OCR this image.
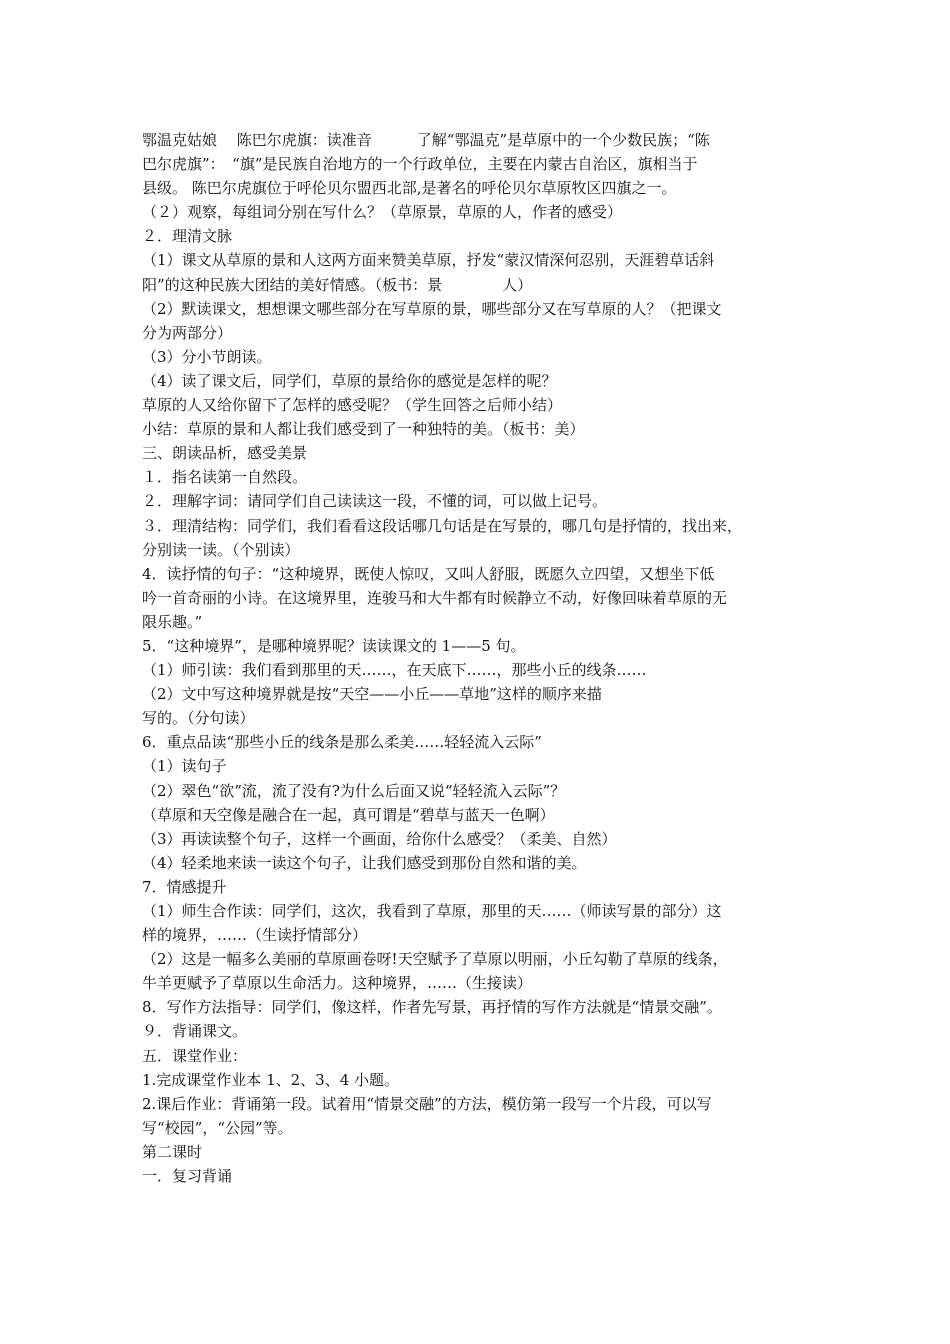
鄂温克姑娘　 陈巴尔虎旗：读准音　　　了解“鄂温克”是草原中的一个少数民族；“陈

巴尔虎旗”：　“旗”是民族自治地方的一个行政单位，主要在内蒙古自治区，旗相当于

县级。 陈巴尔虎旗位于呼伦贝尔盟西北部,是著名的呼伦贝尔草原牧区四旗之一。

（２）观察，每组词分别在写什么？（草原景，草原的人，作者的感受）

２．理清文脉

（1）课文从草原的景和人这两方面来赞美草原，抒发“蒙汉情深何忍别，天涯碧草话斜

阳”的这种民族大团结的美好情感。（板书：景　　　　人）

（2）默读课文，想想课文哪些部分在写草原的景，哪些部分又在写草原的人？（把课文

分为两部分）

（3）分小节朗读。

（4）读了课文后，同学们，草原的景给你的感觉是怎样的呢？

草原的人又给你留下了怎样的感受呢？（学生回答之后师小结）

小结：草原的景和人都让我们感受到了一种独特的美。（板书：美）

三、朗读品析，感受美景

１．指名读第一自然段。

２．理解字词：请同学们自己读读这一段，不懂的词，可以做上记号。

３．理清结构：同学们，我们看看这段话哪几句话是在写景的，哪几句是抒情的，找出来，

分别读一读。（个别读）

4．读抒情的句子：“这种境界，既使人惊叹，又叫人舒服，既愿久立四望，又想坐下低

吟一首奇丽的小诗。在这境界里，连骏马和大牛都有时候静立不动，好像回味着草原的无

限乐趣。”

5．“这种境界”，是哪种境界呢？读读课文的 1——5 句。

（1）师引读：我们看到那里的天……，在天底下……，那些小丘的线条……

（2）文中写这种境界就是按“天空——小丘——草地”这样的顺序来描

写的。（分句读）

6．重点品读“那些小丘的线条是那么柔美……轻轻流入云际”

（1）读句子

（2）翠色“欲”流，流了没有?为什么后面又说“轻轻流入云际”？

（草原和天空像是融合在一起，真可谓是“碧草与蓝天一色啊）

（3）再读读整个句子，这样一个画面，给你什么感受？（柔美、自然）

（4）轻柔地来读一读这个句子，让我们感受到那份自然和谐的美。

7．情感提升

（1）师生合作读：同学们，这次，我看到了草原，那里的天……（师读写景的部分）这

样的境界，……（生读抒情部分）

（2）这是一幅多么美丽的草原画卷呀!天空赋予了草原以明丽，小丘勾勒了草原的线条，

牛羊更赋予了草原以生命活力。这种境界，……（生接读）

8．写作方法指导：同学们，像这样，作者先写景，再抒情的写作方法就是“情景交融”。

９．背诵课文。

五．课堂作业：

1.完成课堂作业本 1、2、3、4 小题。

2.课后作业：背诵第一段。试着用“情景交融”的方法，模仿第一段写一个片段，可以写

写“校园”，“公园”等。

第二课时

一．复习背诵
